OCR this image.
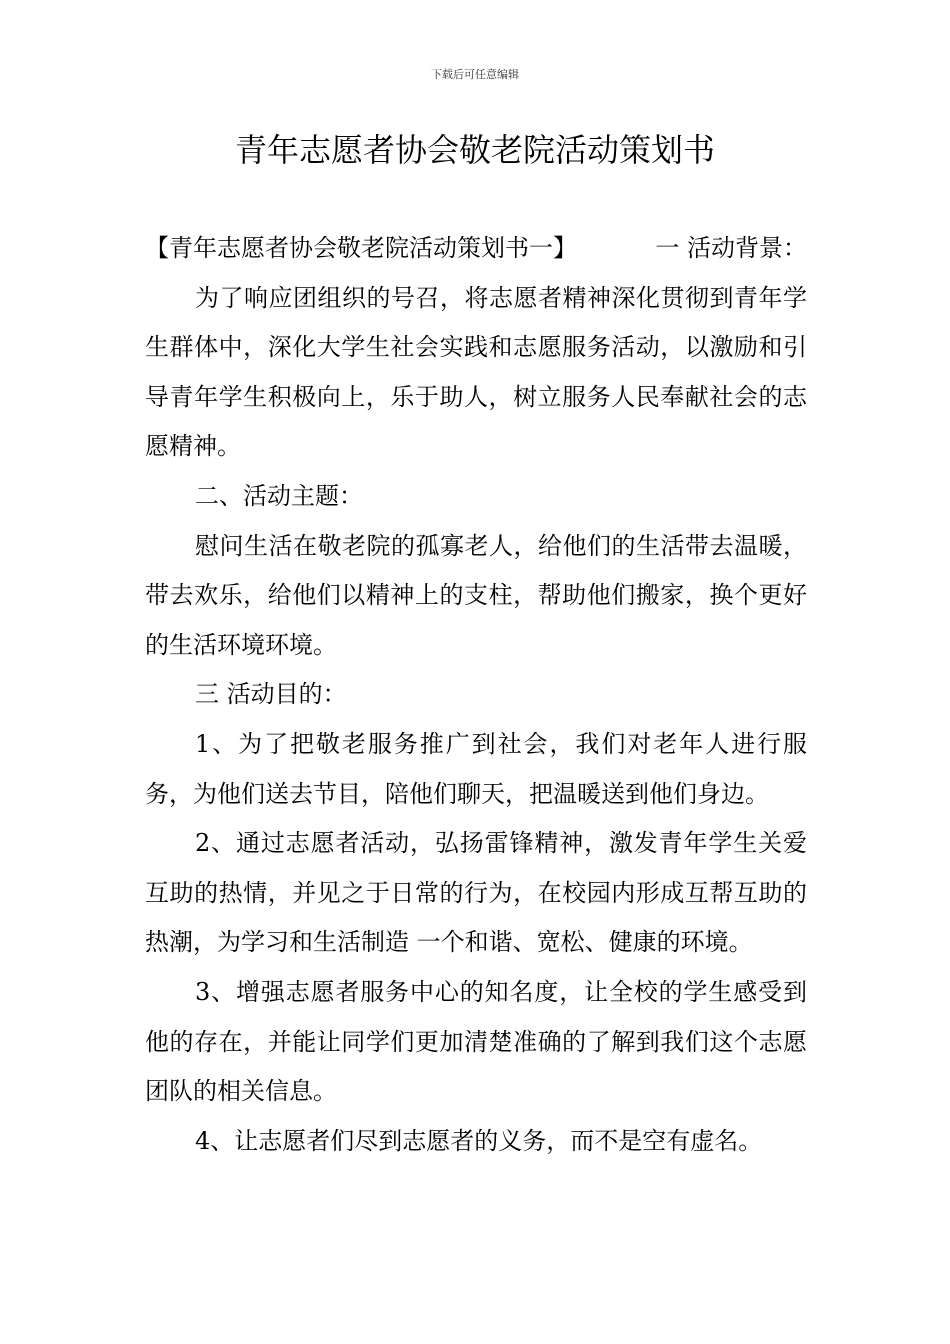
下载后可任意编辑
青年志愿者协会敬老院活动策划书

【青年志愿者协会敬老院活动策划书一】	一 活动背景：

为了响应团组织的号召，将志愿者精神深化贯彻到青年学生群体中，深化大学生社会实践和志愿服务活动，以激励和引导青年学生积极向上，乐于助人，树立服务人民奉献社会的志愿精神。

二、活动主题：

慰问生活在敬老院的孤寡老人，给他们的生活带去温暖，带去欢乐，给他们以精神上的支柱，帮助他们搬家，换个更好的生活环境环境。

三 活动目的：

1、为了把敬老服务推广到社会，我们对老年人进行服务，为他们送去节目，陪他们聊天，把温暖送到他们身边。

2、通过志愿者活动，弘扬雷锋精神，激发青年学生关爱互助的热情，并见之于日常的行为，在校园内形成互帮互助的热潮，为学习和生活制造 一个和谐、宽松、健康的环境。

3、增强志愿者服务中心的知名度，让全校的学生感受到他的存在，并能让同学们更加清楚准确的了解到我们这个志愿团队的相关信息。

4、让志愿者们尽到志愿者的义务，而不是空有虚名。
